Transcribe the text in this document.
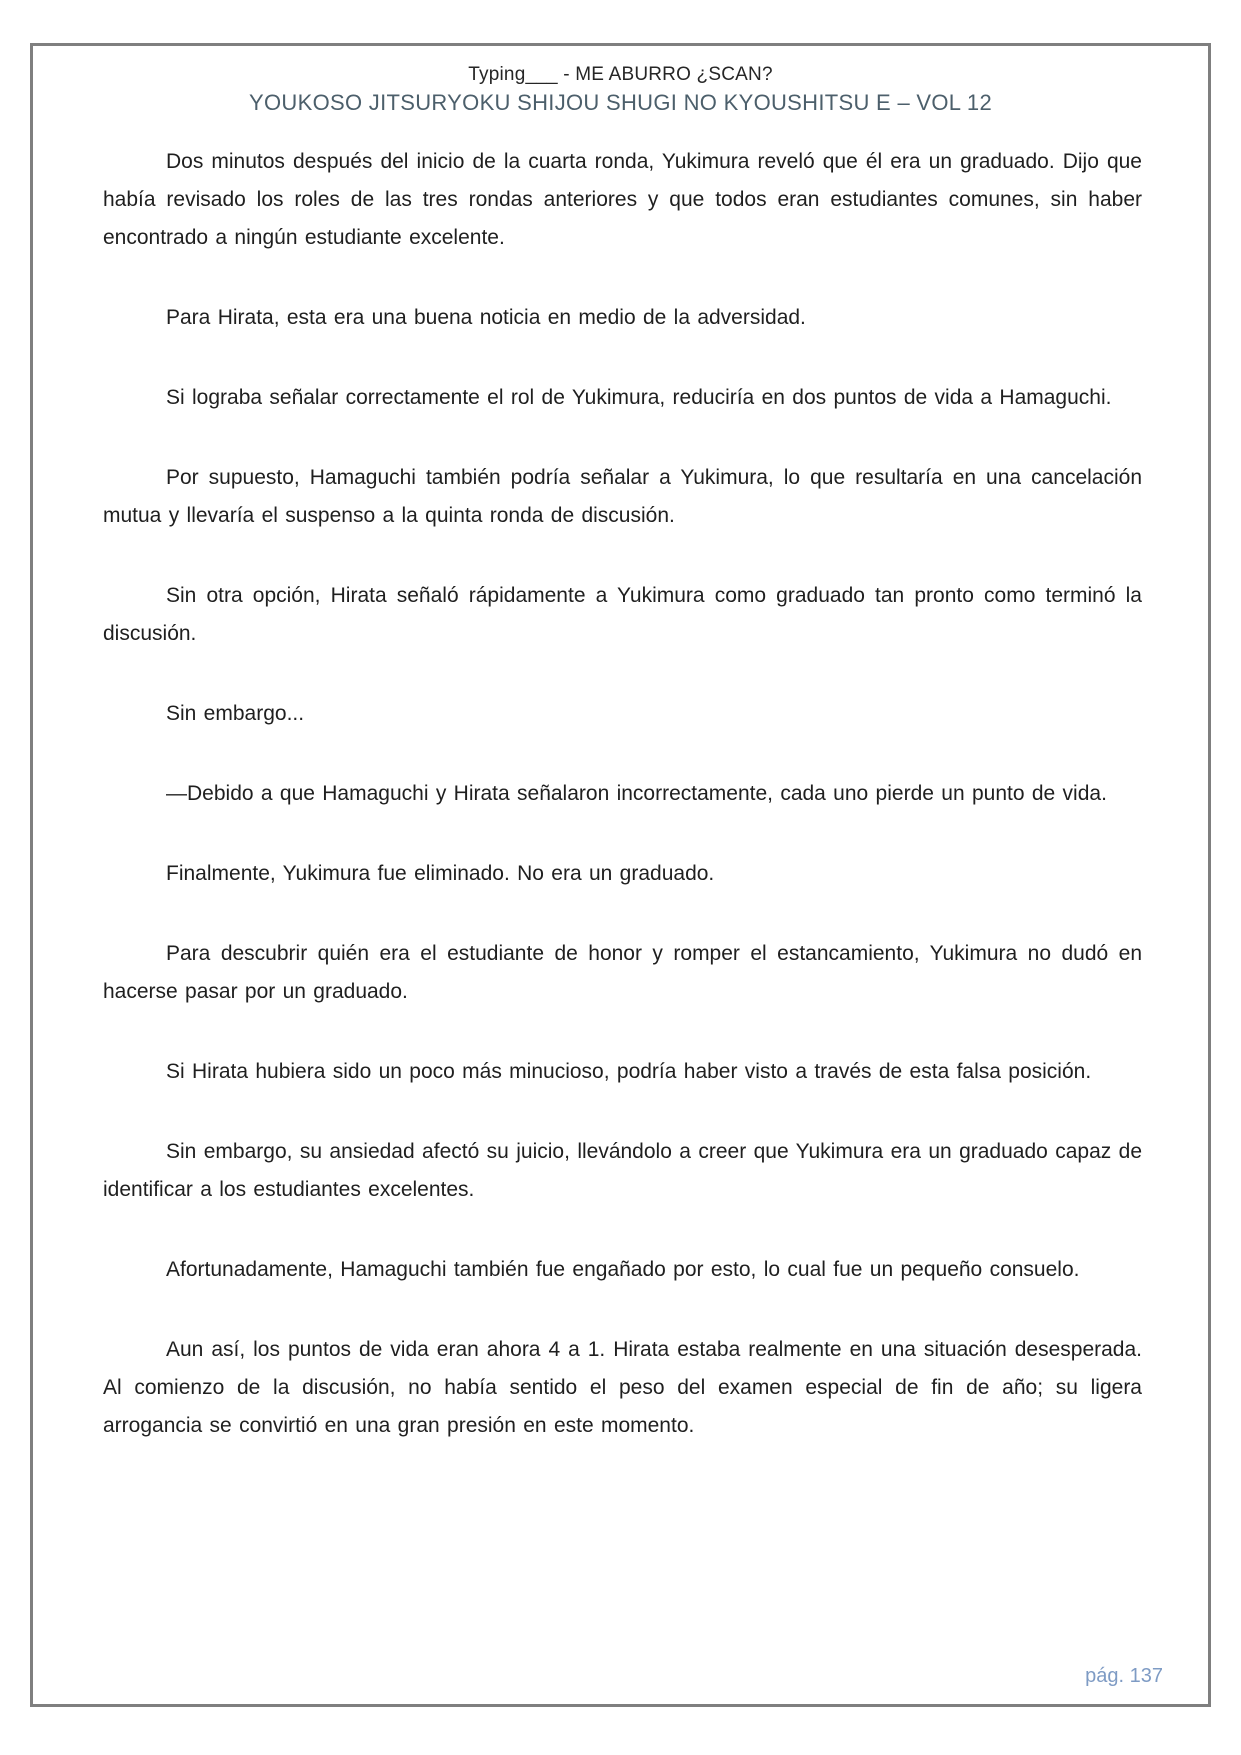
Typing___ - ME ABURRO ¿SCAN?
YOUKOSO JITSURYOKU SHIJOU SHUGI NO KYOUSHITSU E – VOL 12

Dos minutos después del inicio de la cuarta ronda, Yukimura reveló que él era un graduado. Dijo que había revisado los roles de las tres rondas anteriores y que todos eran estudiantes comunes, sin haber encontrado a ningún estudiante excelente.

Para Hirata, esta era una buena noticia en medio de la adversidad.

Si lograba señalar correctamente el rol de Yukimura, reduciría en dos puntos de vida a Hamaguchi.

Por supuesto, Hamaguchi también podría señalar a Yukimura, lo que resultaría en una cancelación mutua y llevaría el suspenso a la quinta ronda de discusión.

Sin otra opción, Hirata señaló rápidamente a Yukimura como graduado tan pronto como terminó la discusión.

Sin embargo...

—Debido a que Hamaguchi y Hirata señalaron incorrectamente, cada uno pierde un punto de vida.

Finalmente, Yukimura fue eliminado. No era un graduado.

Para descubrir quién era el estudiante de honor y romper el estancamiento, Yukimura no dudó en hacerse pasar por un graduado.

Si Hirata hubiera sido un poco más minucioso, podría haber visto a través de esta falsa posición.

Sin embargo, su ansiedad afectó su juicio, llevándolo a creer que Yukimura era un graduado capaz de identificar a los estudiantes excelentes.

Afortunadamente, Hamaguchi también fue engañado por esto, lo cual fue un pequeño consuelo.

Aun así, los puntos de vida eran ahora 4 a 1. Hirata estaba realmente en una situación desesperada. Al comienzo de la discusión, no había sentido el peso del examen especial de fin de año; su ligera arrogancia se convirtió en una gran presión en este momento.

pág. 137
